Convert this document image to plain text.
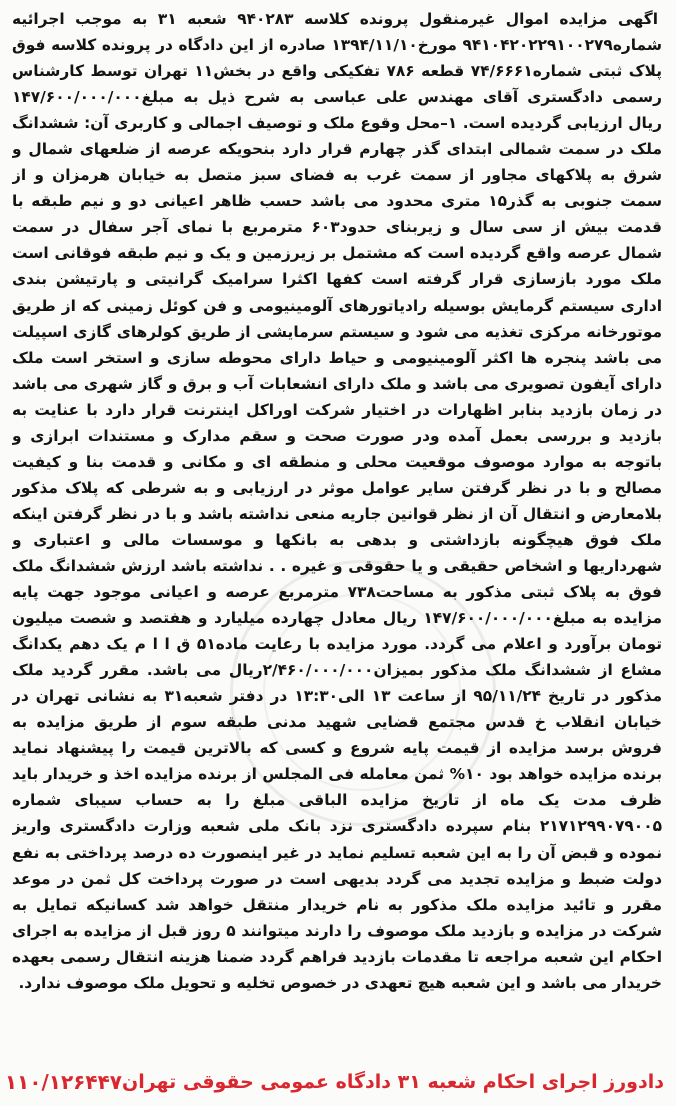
اگهی مزایده اموال غیرمنقول پرونده کلاسه ۹۴۰۲۸۳ شعبه ۳۱ به موجب اجرائیه شماره۹۴۱۰۴۲۰۲۲۹۱۰۰۲۷۹ مورخ۱۳۹۴/۱۱/۱۰ صادره از این دادگاه در پرونده کلاسه فوق پلاک ثبتی شماره۷۴/۶۶۶۱ قطعه ۷۸۶ تفکیکی واقع در بخش۱۱ تهران توسط کارشناس رسمی دادگستری آقای مهندس علی عباسی به شرح ذیل به مبلغ۱۴۷/۶۰۰/۰۰۰/۰۰۰ ریال ارزیابی گردیده است. ۱–محل وقوع ملک و توصیف اجمالی و کاربری آن: ششدانگ ملک در سمت شمالی ابتدای گذر چهارم قرار دارد بنحویکه عرصه از ضلعهای شمال و شرق به پلاکهای مجاور از سمت غرب به فضای سبز متصل به خیابان هرمزان و از سمت جنوبی به گذر۱۵ متری محدود می باشد حسب ظاهر اعیانی دو و نیم طبقه با قدمت بیش از سی سال و زیربنای حدود۶۰۳ مترمربع با نمای آجر سفال در سمت شمال عرصه واقع گردیده است که مشتمل بر زیرزمین و یک و نیم طبقه فوقانی است ملک مورد بازسازی قرار گرفته است کفها اکثرا سرامیک گرانیتی و پارتیشن بندی اداری سیستم گرمایش بوسیله رادیاتورهای آلومینیومی و فن کوئل زمینی که از طریق موتورخانه مرکزی تغذیه می شود و سیستم سرمایشی از طریق کولرهای گازی اسپیلت می باشد پنجره ها اکثر آلومینیومی و حیاط دارای محوطه سازی و استخر است ملک دارای آیفون تصویری می باشد و ملک دارای انشعابات آب و برق و گاز شهری می باشد در زمان بازدید بنابر اظهارات در اختیار شرکت اوراکل اینترنت قرار دارد با عنایت به بازدید و بررسی بعمل آمده ودر صورت صحت و سقم مدارک و مستندات ابرازی و باتوجه به موارد موصوف موقعیت محلی و منطقه ای و مکانی و قدمت بنا و کیفیت مصالح و با در نظر گرفتن سایر عوامل موثر در ارزیابی و به شرطی که پلاک مذکور بلامعارض و انتقال آن از نظر قوانین جاریه منعی نداشته باشد و با در نظر گرفتن اینکه ملک فوق هیچگونه بازداشتی و بدهی به بانکها و موسسات مالی و اعتباری و شهرداریها و اشخاص حقیقی و یا حقوقی و غیره . . نداشته باشد ارزش ششدانگ ملک فوق به پلاک ثبتی مذکور به مساحت۷۳۸ مترمربع عرصه و اعیانی موجود جهت پایه مزایده به مبلغ۱۴۷/۶۰۰/۰۰۰/۰۰۰ ریال معادل چهارده میلیارد و هفتصد و شصت میلیون تومان برآورد و اعلام می گردد. مورد مزایده با رعایت ماده۵۱ ق ا ا م یک دهم یکدانگ مشاع از ششدانگ ملک مذکور بمیزان۲/۴۶۰/۰۰۰/۰۰۰ریال می باشد. مقرر گردید ملک مذکور در تاریخ ۹۵/۱۱/۲۴ از ساعت ۱۳ الی۱۳:۳۰ در دفتر شعبه۳۱ به نشانی تهران در خیابان انقلاب خ قدس مجتمع قضایی شهید مدنی طبقه سوم از طریق مزایده به فروش برسد مزایده از قیمت پایه شروع و کسی که بالاترین قیمت را پیشنهاد نماید برنده مزایده خواهد بود ۱۰% ثمن معامله فی المجلس از برنده مزایده اخذ و خریدار باید ظرف مدت یک ماه از تاریخ مزایده الباقی مبلغ را به حساب سیبای شماره ۲۱۷۱۲۹۹۰۷۹۰۰۵ بنام سپرده دادگستری نزد بانک ملی شعبه وزارت دادگستری واریز نموده و قبض آن را به این شعبه تسلیم نماید در غیر اینصورت ده درصد پرداختی به نفع دولت ضبط و مزایده تجدید می گردد بدیهی است در صورت پرداخت کل ثمن در موعد مقرر و تائید مزایده ملک مذکور به نام خریدار منتقل خواهد شد کسانیکه تمایل به شرکت در مزایده و بازدید ملک موصوف را دارند میتوانند ۵ روز قبل از مزایده به اجرای احکام این شعبه مراجعه تا مقدمات بازدید فراهم گردد ضمنا هزینه انتقال رسمی بعهده خریدار می باشد و این شعبه هیچ تعهدی در خصوص تخلیه و تحویل ملک موصوف ندارد.

دادورز اجرای احکام شعبه ۳۱ دادگاه عمومی حقوقی تهران
۱۱۰/۱۲۶۴۴۷
